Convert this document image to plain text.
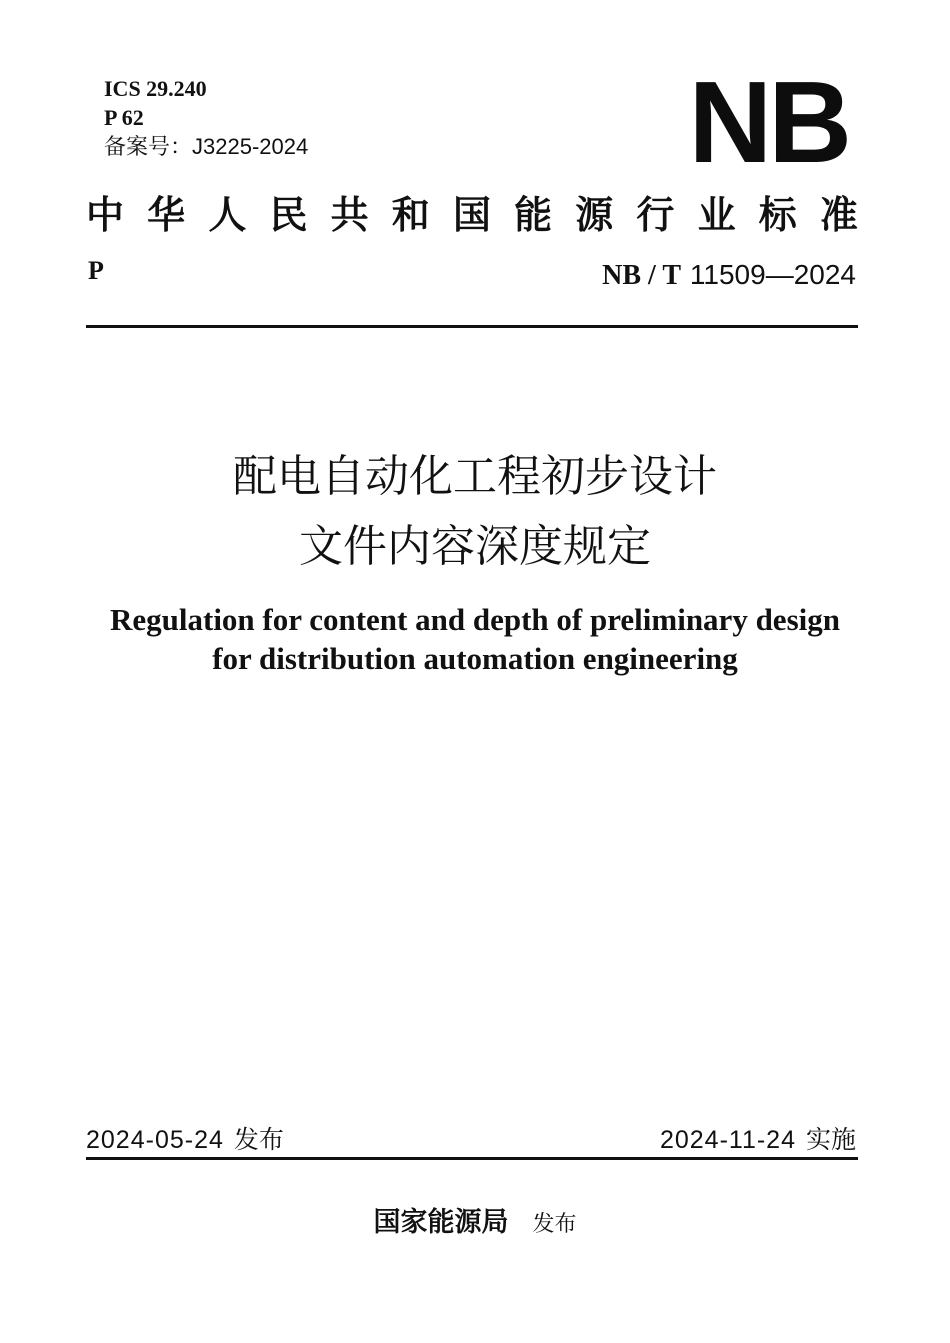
ICS 29.240
P 62
备案号：J3225-2024	NB
中 华 人 民 共 和 国 能 源 行 业 标 准
P	NB / T 11509—2024
配电自动化工程初步设计
文件内容深度规定
Regulation for content and depth of preliminary design
for distribution automation engineering
2024-05-24 发布	2024-11-24 实施
国家能源局 发布
